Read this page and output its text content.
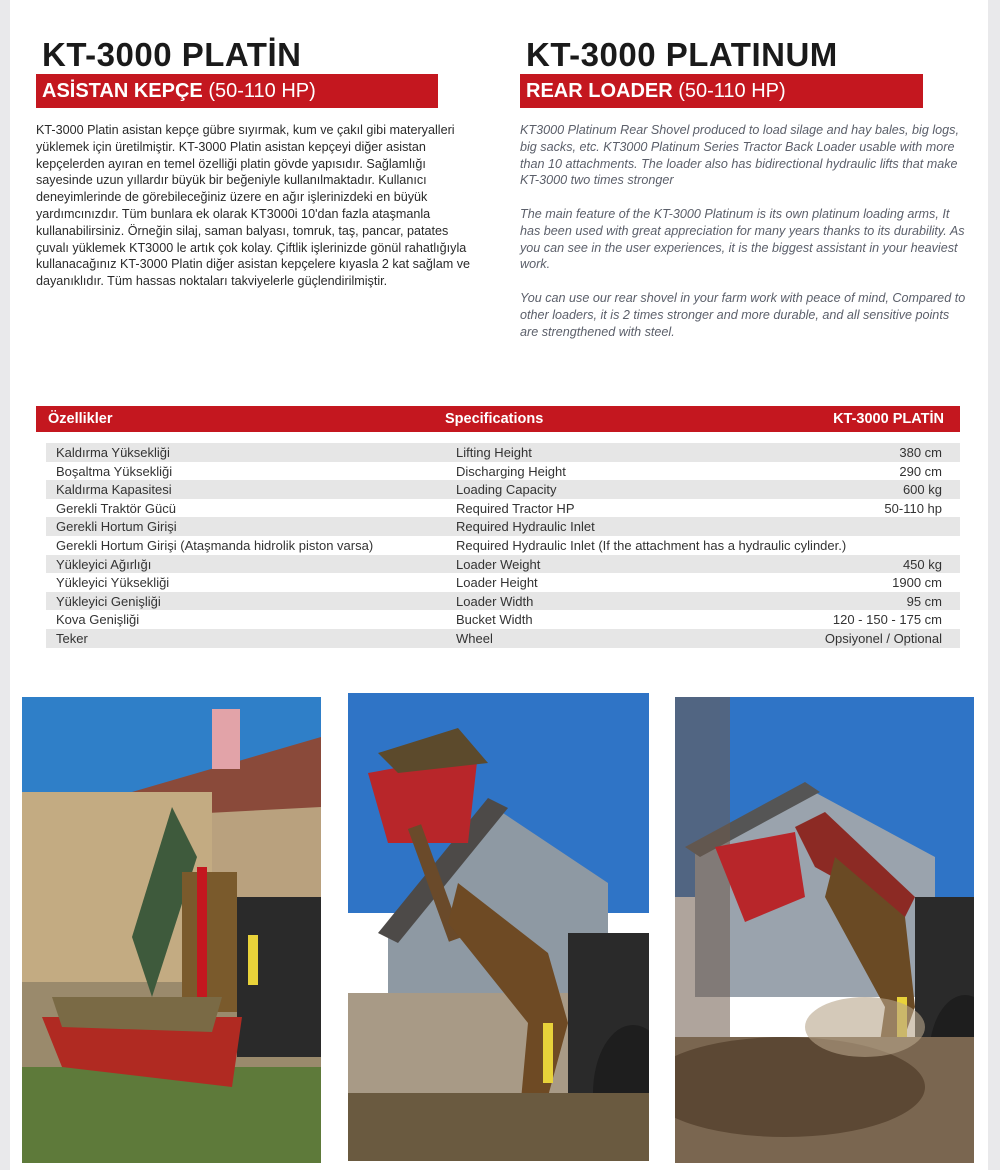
KT-3000 PLATİN
ASİSTAN KEPÇE (50-110 HP)
KT-3000 Platin asistan kepçe gübre sıyırmak, kum ve çakıl gibi materyalleri yüklemek için üretilmiştir. KT-3000 Platin asistan kepçeyi diğer asistan kepçelerden ayıran en temel özelliği platin gövde yapısıdır. Sağlamlığı sayesinde uzun yıllardır büyük bir beğeniyle kullanılmaktadır. Kullanıcı deneyimlerinde de görebileceğiniz üzere en ağır işlerinizdeki en büyük yardımcınızdır. Tüm bunlara ek olarak KT3000i 10'dan fazla ataşmanla kullanabilirsiniz. Örneğin silaj, saman balyası, tomruk, taş, pancar, patates çuvalı yüklemek KT3000 le artık çok kolay. Çiftlik işlerinizde gönül rahatlığıyla kullanacağınız KT-3000 Platin diğer asistan kepçelere kıyasla 2 kat sağlam ve dayanıklıdır. Tüm hassas noktaları takviyelerle güçlendirilmiştir.
KT-3000 PLATINUM
REAR LOADER (50-110 HP)

KT3000 Platinum Rear Shovel produced to load silage and hay bales, big logs, big sacks, etc. KT3000 Platinum Series Tractor Back Loader usable with more than 10 attachments. The loader also has bidirectional hydraulic lifts that make KT-3000 two times stronger

The main feature of the KT-3000 Platinum is its own platinum loading arms, It has been used with great appreciation for many years thanks to its durability. As you can see in the user experiences, it is the biggest assistant in your heaviest work.

You can use our rear shovel in your farm work with peace of mind, Compared to other loaders, it is 2 times stronger and more durable, and all sensitive points are strengthened with steel.

Özellikler	Specifications	KT-3000 PLATİN
Kaldırma Yüksekliği	Lifting Height	380 cm
Boşaltma Yüksekliği	Discharging Height	290 cm
Kaldırma Kapasitesi	Loading Capacity	600 kg
Gerekli Traktör Gücü	Required Tractor HP	50-110 hp
Gerekli Hortum Girişi	Required Hydraulic Inlet
Gerekli Hortum Girişi (Ataşmanda hidrolik piston varsa)	Required Hydraulic Inlet (If the attachment has a hydraulic cylinder.)
Yükleyici Ağırlığı	Loader Weight	450 kg
Yükleyici Yüksekliği	Loader Height	1900 cm
Yükleyici Genişliği	Loader Width	95 cm
Kova Genişliği	Bucket Width	120 - 150 - 175 cm
Teker	Wheel	Opsiyonel / Optional
